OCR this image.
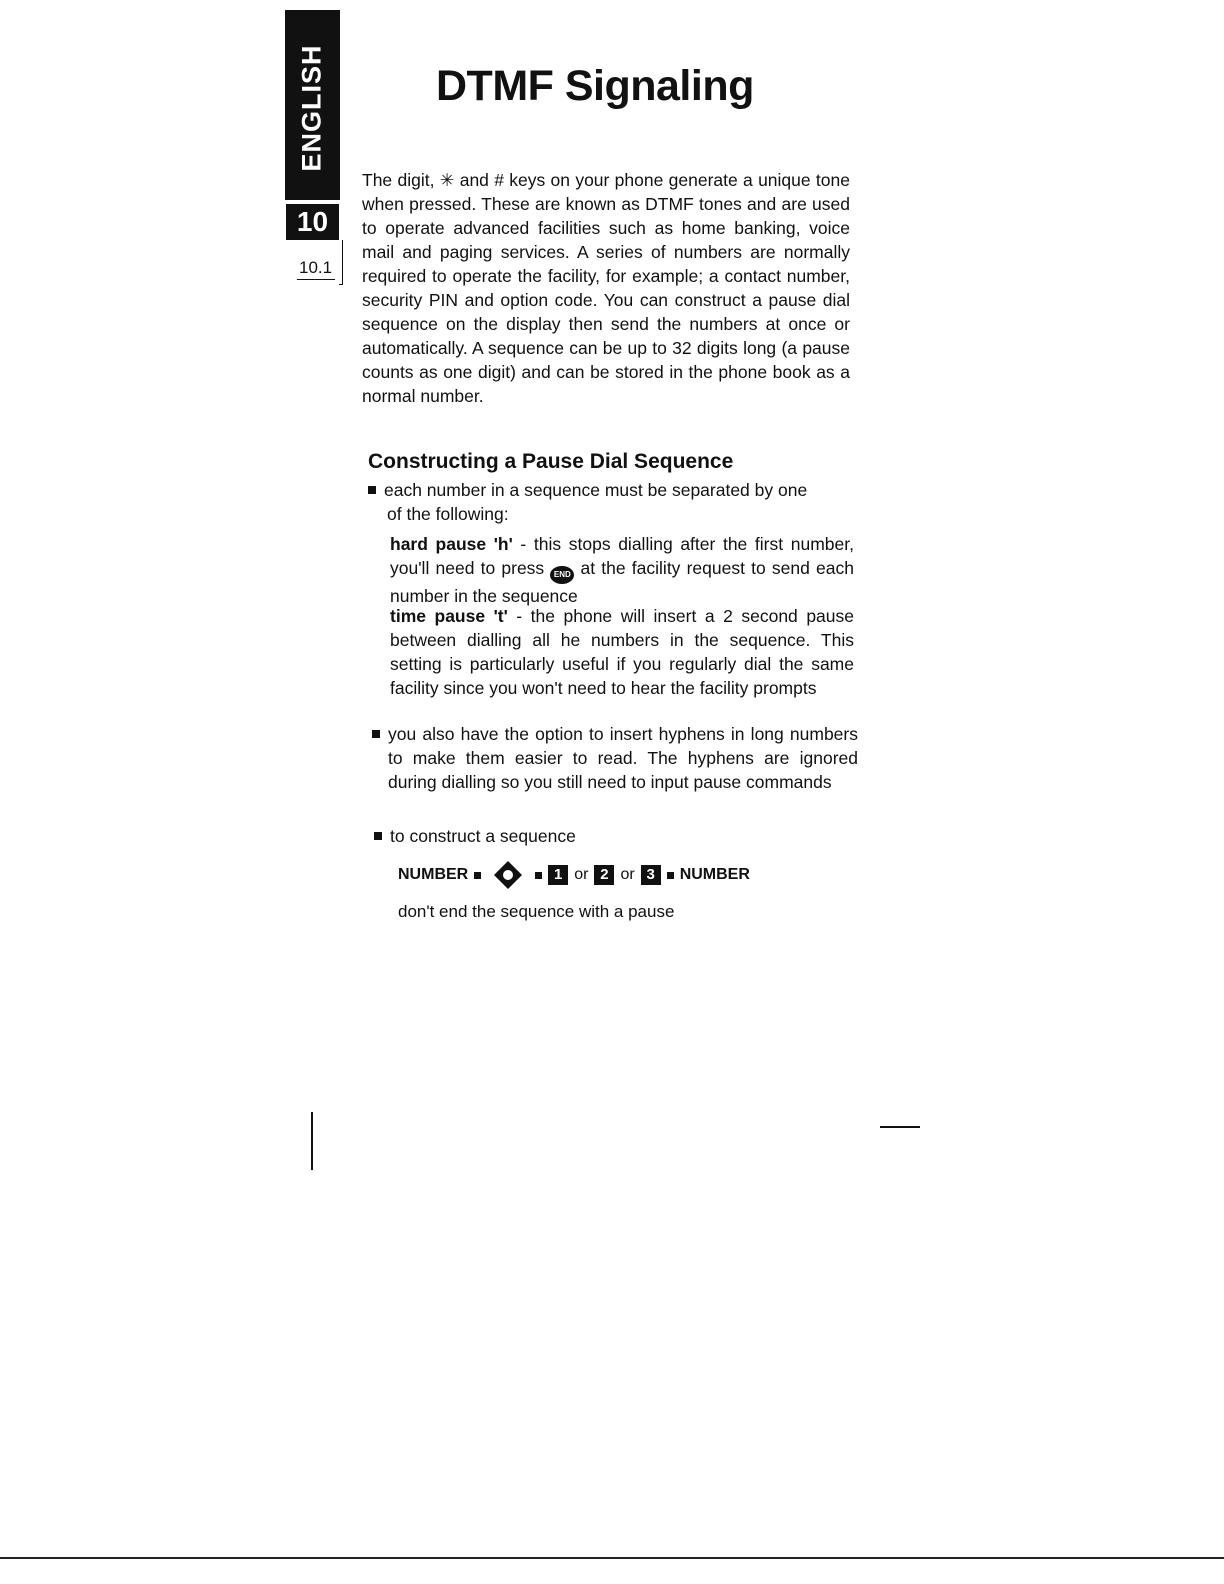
ENGLISH
10
10.1
DTMF Signaling

The digit, ✳ and # keys on your phone generate a unique tone when pressed. These are known as DTMF tones and are used to operate advanced facilities such as home banking, voice mail and paging services. A series of numbers are normally required to operate the facility, for example; a contact number, security PIN and option code. You can construct a pause dial sequence on the display then send the numbers at once or automatically. A sequence can be up to 32 digits long (a pause counts as one digit) and can be stored in the phone book as a normal number.

Constructing a Pause Dial Sequence
each number in a sequence must be separated by one
of the following:

hard pause 'h' - this stops dialling after the first number, you'll need to press END at the facility request to send each number in the sequence

time pause 't' - the phone will insert a 2 second pause between dialling all he numbers in the sequence. This setting is particularly useful if you regularly dial the same facility since you won't need to hear the facility prompts

you also have the option to insert hyphens in long numbers to make them easier to read. The hyphens are ignored during dialling so you still need to input pause commands
to construct a sequence
NUMBER	1 or 2 or 3	NUMBER
don't end the sequence with a pause
